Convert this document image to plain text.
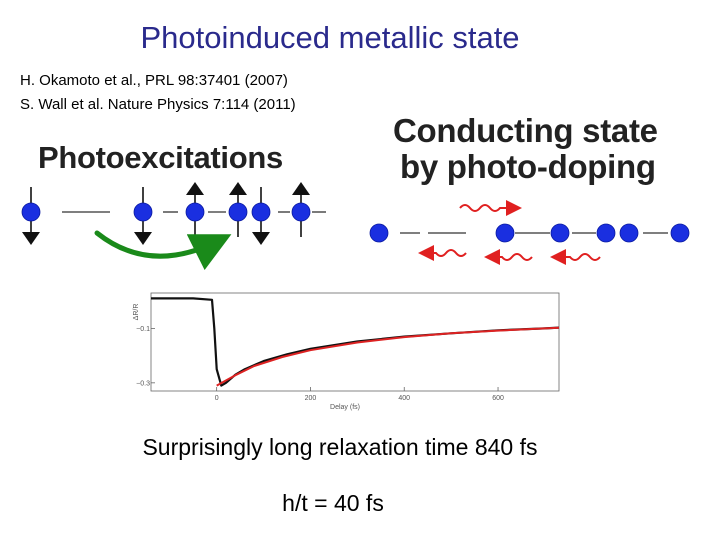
Photoinduced metallic state
H. Okamoto et al., PRL 98:37401 (2007)
S. Wall et al. Nature Physics 7:114 (2011)
Photoexcitations
Conducting state
by photo-doping
0	200	400	600
−0.1
−0.3
Delay (fs)
ΔR/R
Surprisingly long relaxation time 840 fs
h/t = 40 fs
